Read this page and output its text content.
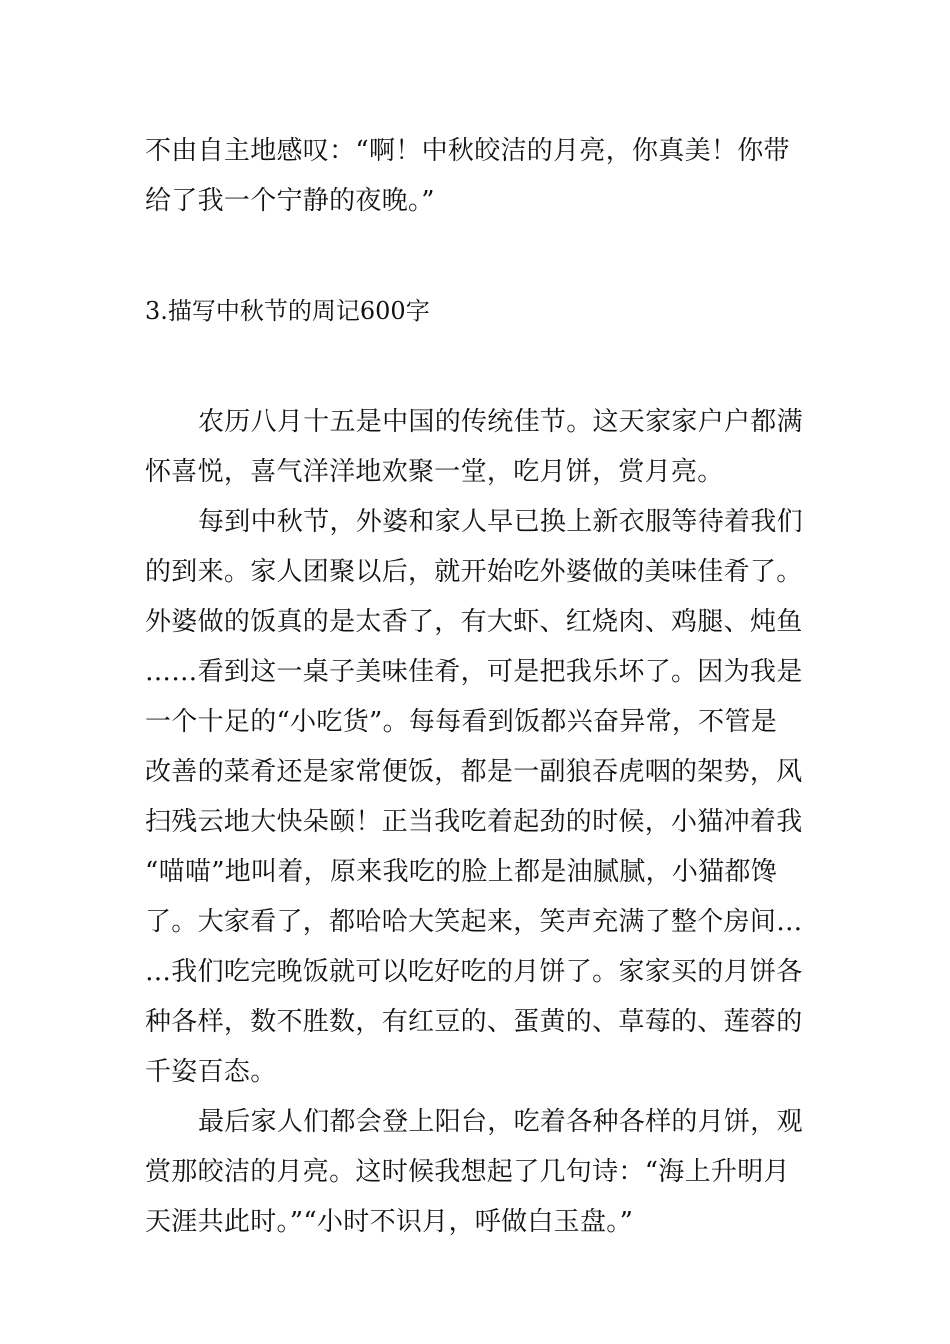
不由自主地感叹：“啊！中秋皎洁的月亮，你真美！你带
给了我一个宁静的夜晚。”
3.描写中秋节的周记600字
农历八月十五是中国的传统佳节。这天家家户户都满
怀喜悦，喜气洋洋地欢聚一堂，吃月饼，赏月亮。
每到中秋节，外婆和家人早已换上新衣服等待着我们
的到来。家人团聚以后，就开始吃外婆做的美味佳肴了。
外婆做的饭真的是太香了，有大虾、红烧肉、鸡腿、炖鱼
……看到这一桌子美味佳肴，可是把我乐坏了。因为我是
一个十足的“小吃货”。每每看到饭都兴奋异常，不管是
改善的菜肴还是家常便饭，都是一副狼吞虎咽的架势，风
扫残云地大快朵颐！正当我吃着起劲的时候，小猫冲着我
“喵喵”地叫着，原来我吃的脸上都是油腻腻，小猫都馋
了。大家看了，都哈哈大笑起来，笑声充满了整个房间…
…我们吃完晚饭就可以吃好吃的月饼了。家家买的月饼各
种各样，数不胜数，有红豆的、蛋黄的、草莓的、莲蓉的
千姿百态。
最后家人们都会登上阳台，吃着各种各样的月饼，观
赏那皎洁的月亮。这时候我想起了几句诗：“海上升明月
天涯共此时。”“小时不识月，呼做白玉盘。”
